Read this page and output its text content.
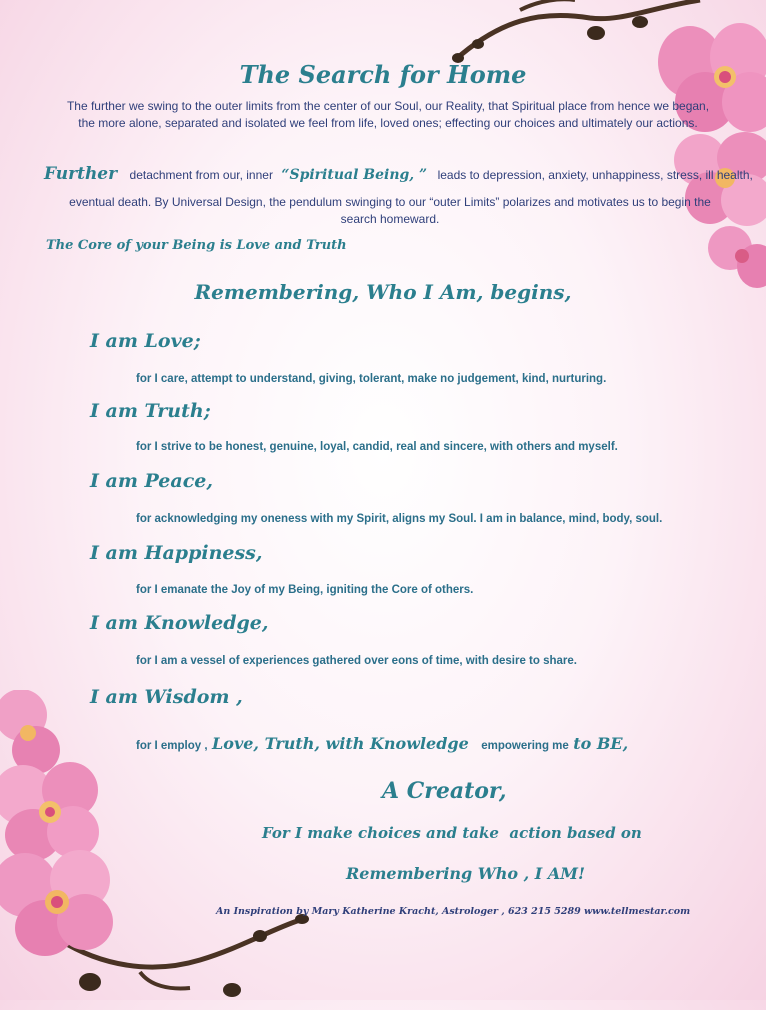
The Search for Home
The further we swing to the outer limits from the center of our Soul, our Reality, that Spiritual place from hence we began, the more alone, separated and isolated we feel from life, loved ones; effecting our choices and ultimately our actions.
Further detachment from our, inner “Spiritual Being, ” leads to depression, anxiety, unhappiness, stress, ill health,
eventual death. By Universal Design, the pendulum swinging to our “outer Limits” polarizes and motivates us to begin the search homeward.
The Core of your Being is Love and Truth
Remembering, Who I Am, begins,
I am Love;
for I care, attempt to understand, giving, tolerant, make no judgement, kind, nurturing.
I am Truth;
for I strive to be honest, genuine, loyal, candid, real and sincere, with others and myself.
I am Peace,
for acknowledging my oneness with my Spirit, aligns my Soul. I am in balance, mind, body, soul.
I am Happiness,
for I emanate the Joy of my Being, igniting the Core of others.
I am Knowledge,
for I am a vessel of experiences gathered over eons of time, with desire to share.
I am Wisdom ,
for I employ , Love, Truth, with Knowledge empowering me to BE,
A Creator,
For I make choices and take  action based on
Remembering Who , I AM!
An Inspiration by Mary Katherine Kracht, Astrologer , 623 215 5289 www.tellmestar.com
